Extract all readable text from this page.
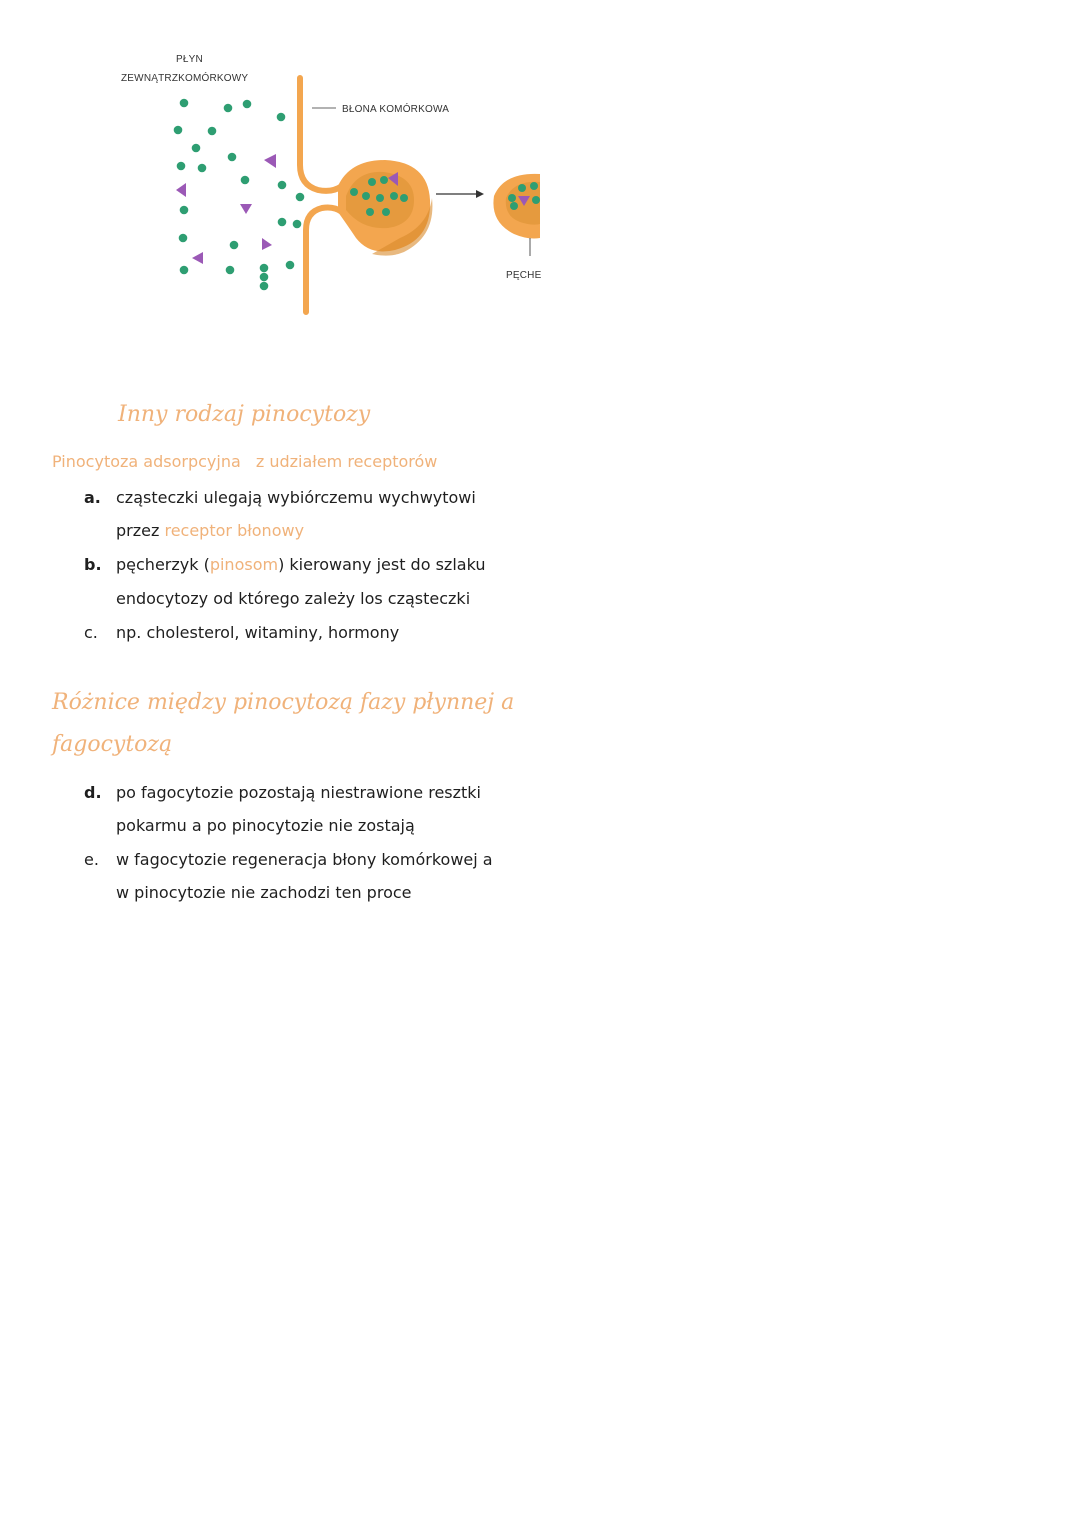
PŁYN
ZEWNĄTRZKOMÓRKOWY
BŁONA KOMÓRKOWA
PĘCHE
Inny rodzaj pinocytozy
Pinocytoza adsorpcyjna z udziałem receptorów
a. cząsteczki ulegają wybiórczemu wychwytowi
przez receptor błonowy
b. pęcherzyk (pinosom) kierowany jest do szlaku
endocytozy od którego zależy los cząsteczki
c. np. cholesterol, witaminy, hormony
Różnice między pinocytozą fazy płynnej a
fagocytozą
d. po fagocytozie pozostają niestrawione resztki
pokarmu a po pinocytozie nie zostają
e. w fagocytozie regeneracja błony komórkowej a
w pinocytozie nie zachodzi ten proce
